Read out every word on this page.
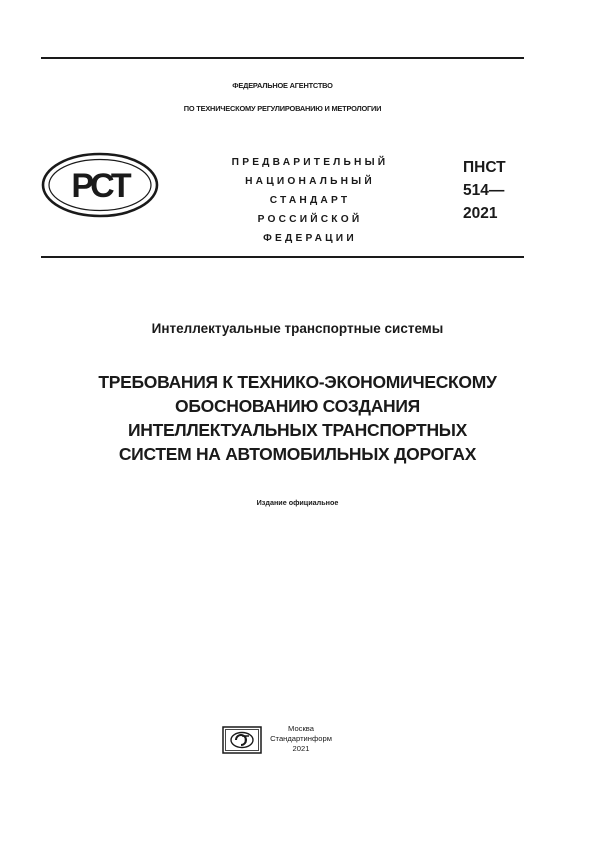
ФЕДЕРАЛЬНОЕ АГЕНТСТВО
ПО ТЕХНИЧЕСКОМУ РЕГУЛИРОВАНИЮ И МЕТРОЛОГИИ
РСТ
ПРЕДВАРИТЕЛЬНЫЙ
НАЦИОНАЛЬНЫЙ
СТАНДАРТ
РОССИЙСКОЙ
ФЕДЕРАЦИИ
ПНСТ
514—
2021
Интеллектуальные транспортные системы
ТРЕБОВАНИЯ К ТЕХНИКО-ЭКОНОМИЧЕСКОМУ
ОБОСНОВАНИЮ СОЗДАНИЯ
ИНТЕЛЛЕКТУАЛЬНЫХ ТРАНСПОРТНЫХ
СИСТЕМ НА АВТОМОБИЛЬНЫХ ДОРОГАХ
Издание официальное
Москва
Стандартинформ
2021
